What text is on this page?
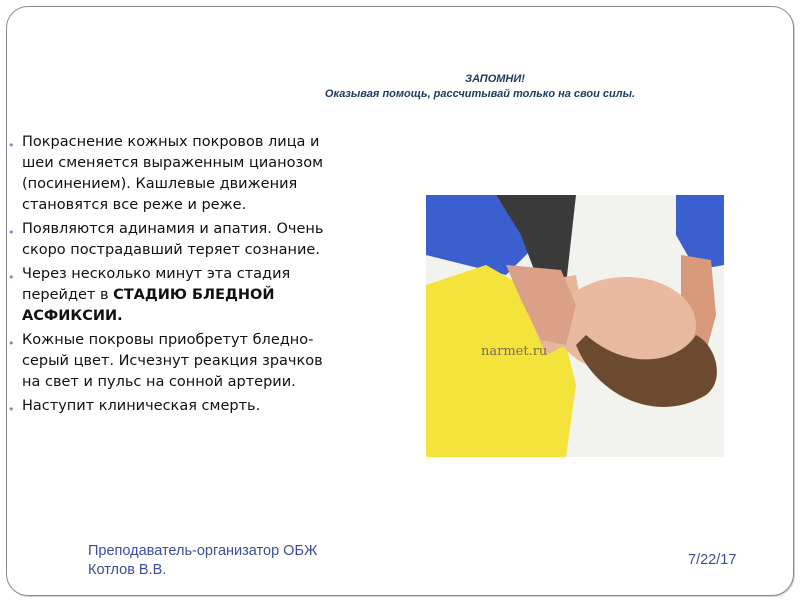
ЗАПОМНИ!
Оказывая помощь, рассчитывай только на свои силы.
• Покраснение кожных покровов лица и шеи сменяется выраженным цианозом (посинением). Кашлевые движения становятся все реже и реже.
• Появляются адинамия и апатия. Очень скоро пострадавший теряет сознание.
• Через несколько минут эта стадия перейдет в СТАДИЮ БЛЕДНОЙ АСФИКСИИ.
• Кожные покровы приобретут бледно-серый цвет. Исчезнут реакция зрачков на свет и пульс на сонной артерии.
• Наступит клиническая смерть.
narmet.ru
Преподаватель-организатор ОБЖ
Котлов В.В.
7/22/17
